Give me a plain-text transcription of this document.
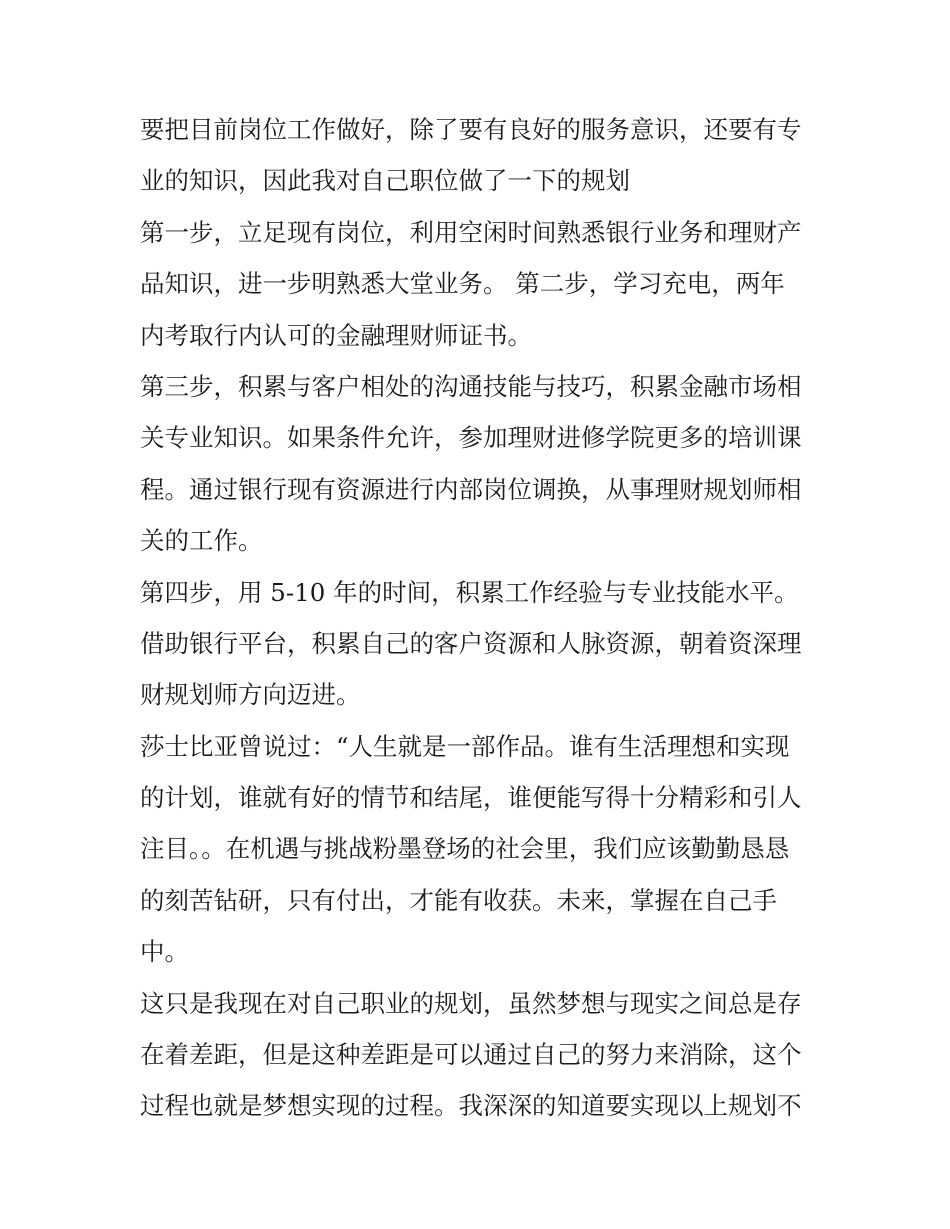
要把目前岗位工作做好，除了要有良好的服务意识，还要有专
业的知识，因此我对自己职位做了一下的规划
第一步，立足现有岗位，利用空闲时间熟悉银行业务和理财产
品知识，进一步明熟悉大堂业务。 第二步，学习充电，两年
内考取行内认可的金融理财师证书。
第三步，积累与客户相处的沟通技能与技巧，积累金融市场相
关专业知识。如果条件允许，参加理财进修学院更多的培训课
程。通过银行现有资源进行内部岗位调换，从事理财规划师相
关的工作。
第四步，用 5-10 年的时间，积累工作经验与专业技能水平。
借助银行平台，积累自己的客户资源和人脉资源，朝着资深理
财规划师方向迈进。
莎士比亚曾说过：“人生就是一部作品。谁有生活理想和实现
的计划，谁就有好的情节和结尾，谁便能写得十分精彩和引人
注目。。在机遇与挑战粉墨登场的社会里，我们应该勤勤恳恳
的刻苦钻研，只有付出，才能有收获。未来，掌握在自己手
中。
这只是我现在对自己职业的规划，虽然梦想与现实之间总是存
在着差距，但是这种差距是可以通过自己的努力来消除，这个
过程也就是梦想实现的过程。我深深的知道要实现以上规划不
